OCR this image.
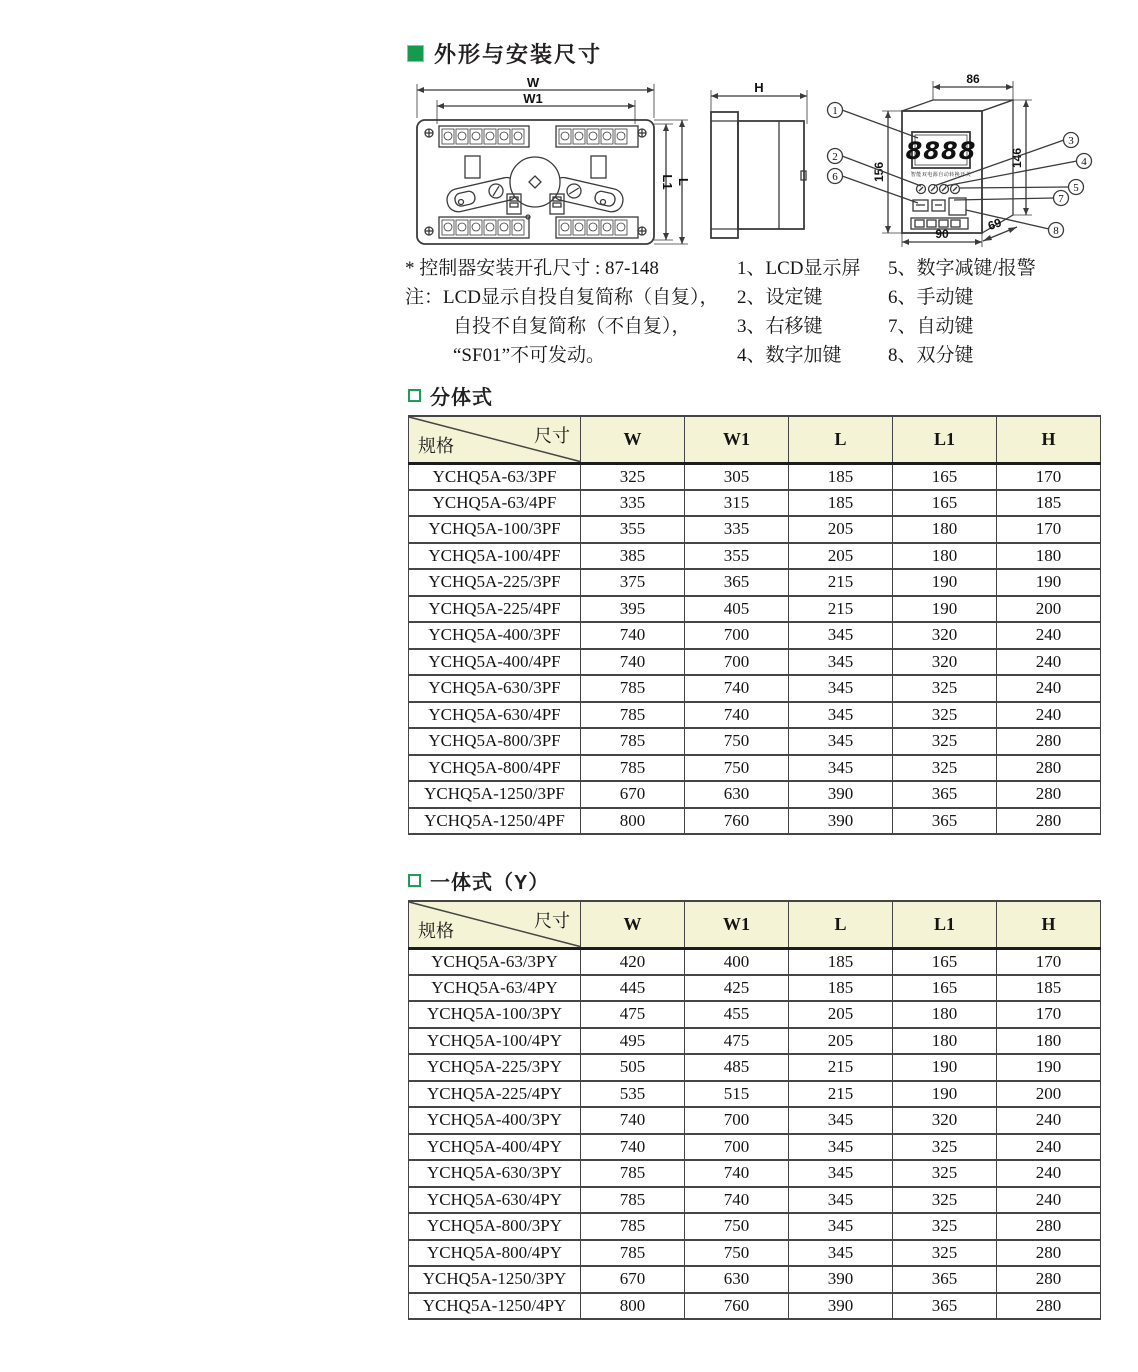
外形与安装尺寸
W
W1
L1 L
H
86
8888
智能双电源自动转换开关
156
146
90
69
1
2
6
3
4
5
7
8
* 控制器安装开孔尺寸 : 87-148
注：LCD显示自投自复简称（自复），
自投不自复简称（不自复），
“SF01”不可发动。
1、LCD显示屏
2、设定键
3、右移键
4、数字加键
5、数字减键/报警
6、手动键
7、自动键
8、双分键
分体式
尺寸
规格	W	W1	L	L1	H
YCHQ5A-63/3PF	325	305	185	165	170
YCHQ5A-63/4PF	335	315	185	165	185
YCHQ5A-100/3PF	355	335	205	180	170
YCHQ5A-100/4PF	385	355	205	180	180
YCHQ5A-225/3PF	375	365	215	190	190
YCHQ5A-225/4PF	395	405	215	190	200
YCHQ5A-400/3PF	740	700	345	320	240
YCHQ5A-400/4PF	740	700	345	320	240
YCHQ5A-630/3PF	785	740	345	325	240
YCHQ5A-630/4PF	785	740	345	325	240
YCHQ5A-800/3PF	785	750	345	325	280
YCHQ5A-800/4PF	785	750	345	325	280
YCHQ5A-1250/3PF	670	630	390	365	280
YCHQ5A-1250/4PF	800	760	390	365	280
一体式（Y）
尺寸
规格	W	W1	L	L1	H
YCHQ5A-63/3PY	420	400	185	165	170
YCHQ5A-63/4PY	445	425	185	165	185
YCHQ5A-100/3PY	475	455	205	180	170
YCHQ5A-100/4PY	495	475	205	180	180
YCHQ5A-225/3PY	505	485	215	190	190
YCHQ5A-225/4PY	535	515	215	190	200
YCHQ5A-400/3PY	740	700	345	320	240
YCHQ5A-400/4PY	740	700	345	325	240
YCHQ5A-630/3PY	785	740	345	325	240
YCHQ5A-630/4PY	785	740	345	325	240
YCHQ5A-800/3PY	785	750	345	325	280
YCHQ5A-800/4PY	785	750	345	325	280
YCHQ5A-1250/3PY	670	630	390	365	280
YCHQ5A-1250/4PY	800	760	390	365	280
